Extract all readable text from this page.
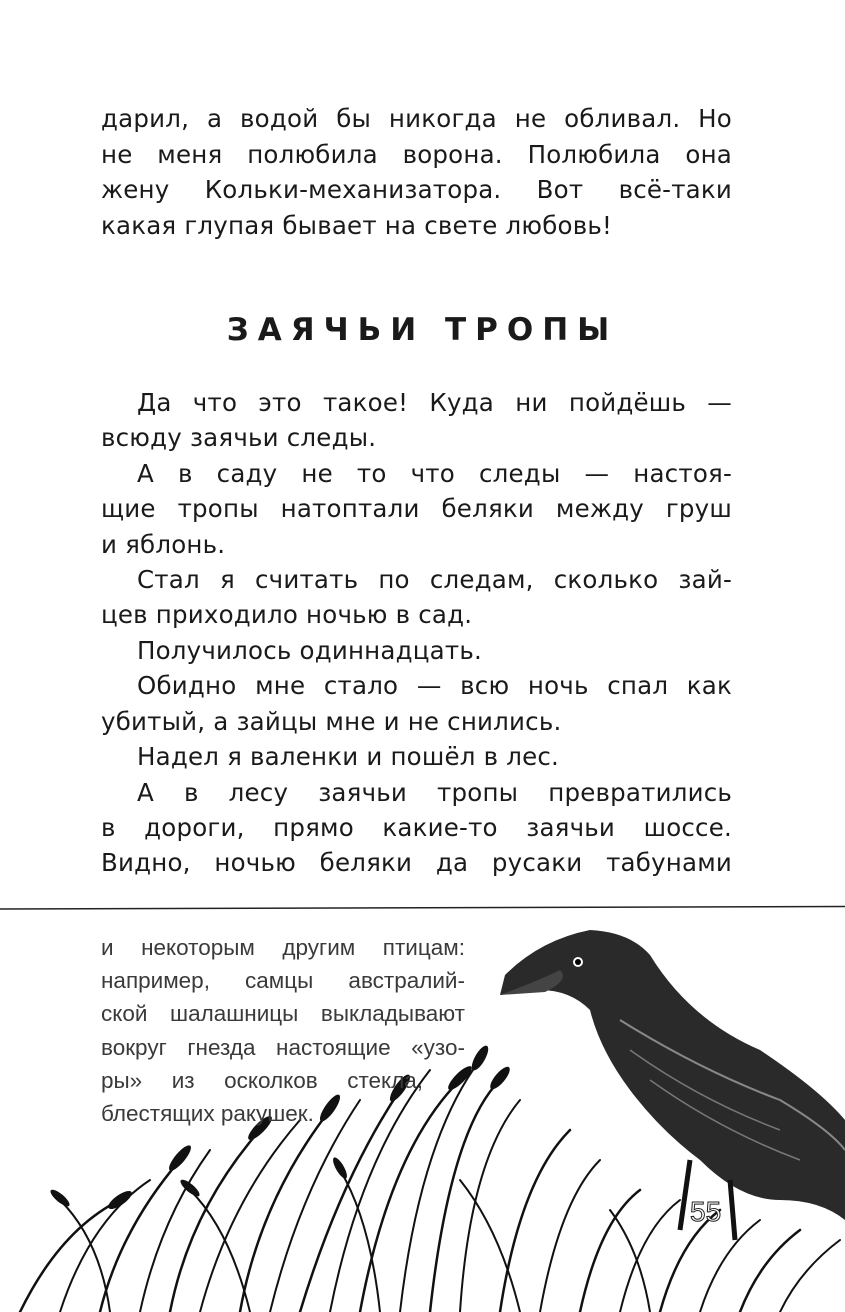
дарил, а водой бы никогда не обливал. Но
не меня полюбила ворона. Полюбила она
жену Кольки-механизатора. Вот всё-таки
какая глупая бывает на свете любовь!
ЗАЯЧЬИ ТРОПЫ
Да что это такое! Куда ни пойдёшь —
всюду заячьи следы.
А в саду не то что следы — настоя-
щие тропы натоптали беляки между груш
и яблонь.
Стал я считать по следам, сколько зай-
цев приходило ночью в сад.
Получилось одиннадцать.
Обидно мне стало — всю ночь спал как
убитый, а зайцы мне и не снились.
Надел я валенки и пошёл в лес.
А в лесу заячьи тропы превратились
в дороги, прямо какие-то заячьи шоссе.
Видно, ночью беляки да русаки табунами
и некоторым другим птицам:
например, самцы австралий-
ской шалашницы выкладывают
вокруг гнезда настоящие «узо-
ры» из осколков стекла,
блестящих ракушек.
55
